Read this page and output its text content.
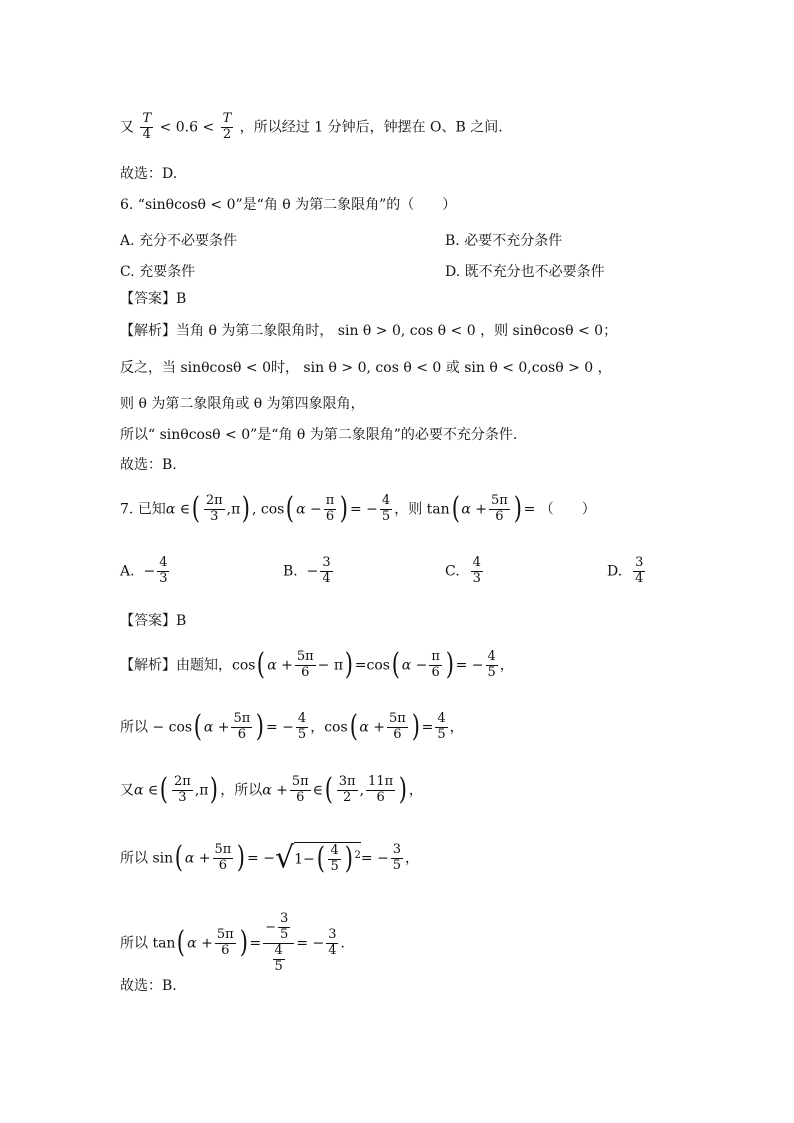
又 $\frac{T}{4} < 0.6 < \frac{T}{2}$ ，所以经过 1 分钟后，钟摆在 O、B 之间.
故选：D.
6. “sinθcosθ < 0”是“角 θ 为第二象限角”的（　　）
A. 充分不必要条件	B. 必要不充分条件
C. 充要条件	D. 既不充分也不必要条件
【答案】B
【解析】当角 θ 为第二象限角时， sin θ > 0, cos θ < 0 ，则 sinθcosθ < 0；
反之，当 sinθcosθ < 0时， sin θ > 0, cos θ < 0 或 sin θ < 0,cosθ > 0 ，
则 θ 为第二象限角或 θ 为第四象限角，
所以“ sinθcosθ < 0”是“角 θ 为第二象限角”的必要不充分条件.
故选：B.
7. 已知α ∈( $\frac{2\pi}{3} ,\pi$) , cos( $\alpha - \frac{\pi}{6}$ ) = − $\frac{4}{5}$ ，则 tan( $\alpha + \frac{5\pi}{6}$ ) = （　　）
A. − $\frac{4}{3}$	B. − $\frac{3}{4}$	C. $\frac{4}{3}$	D. $\frac{3}{4}$
【答案】B
【解析】由题知，cos( $\alpha + \frac{5\pi}{6} - \pi) =\cos$( $\alpha - \frac{\pi}{6}$ ) = − $\frac{4}{5}$ ，
所以 − cos( $\alpha + \frac{5\pi}{6}$ ) = − $\frac{4}{5}$ ，cos( $\alpha + \frac{5\pi}{6}$ ) = $\frac{4}{5}$ ，
又α ∈( $\frac{2\pi}{3} ,\pi$) ，所以$\alpha + \frac{5\pi}{6}$ ∈( $\frac{3\pi}{2}$ , $\frac{11\pi}{6}$ ) ，
所以 sin( $\alpha + \frac{5\pi}{6}$ ) = $-√1-( \frac{4}{5}$ ) $^2= - \frac{3}{5}$ ，
所以 tan( $\alpha + \frac{5\pi}{6}$ ) = $\frac{- \frac{3}{5}}{\frac{4}{5}}$ = − $\frac{3}{4}$ .
故选：B.
